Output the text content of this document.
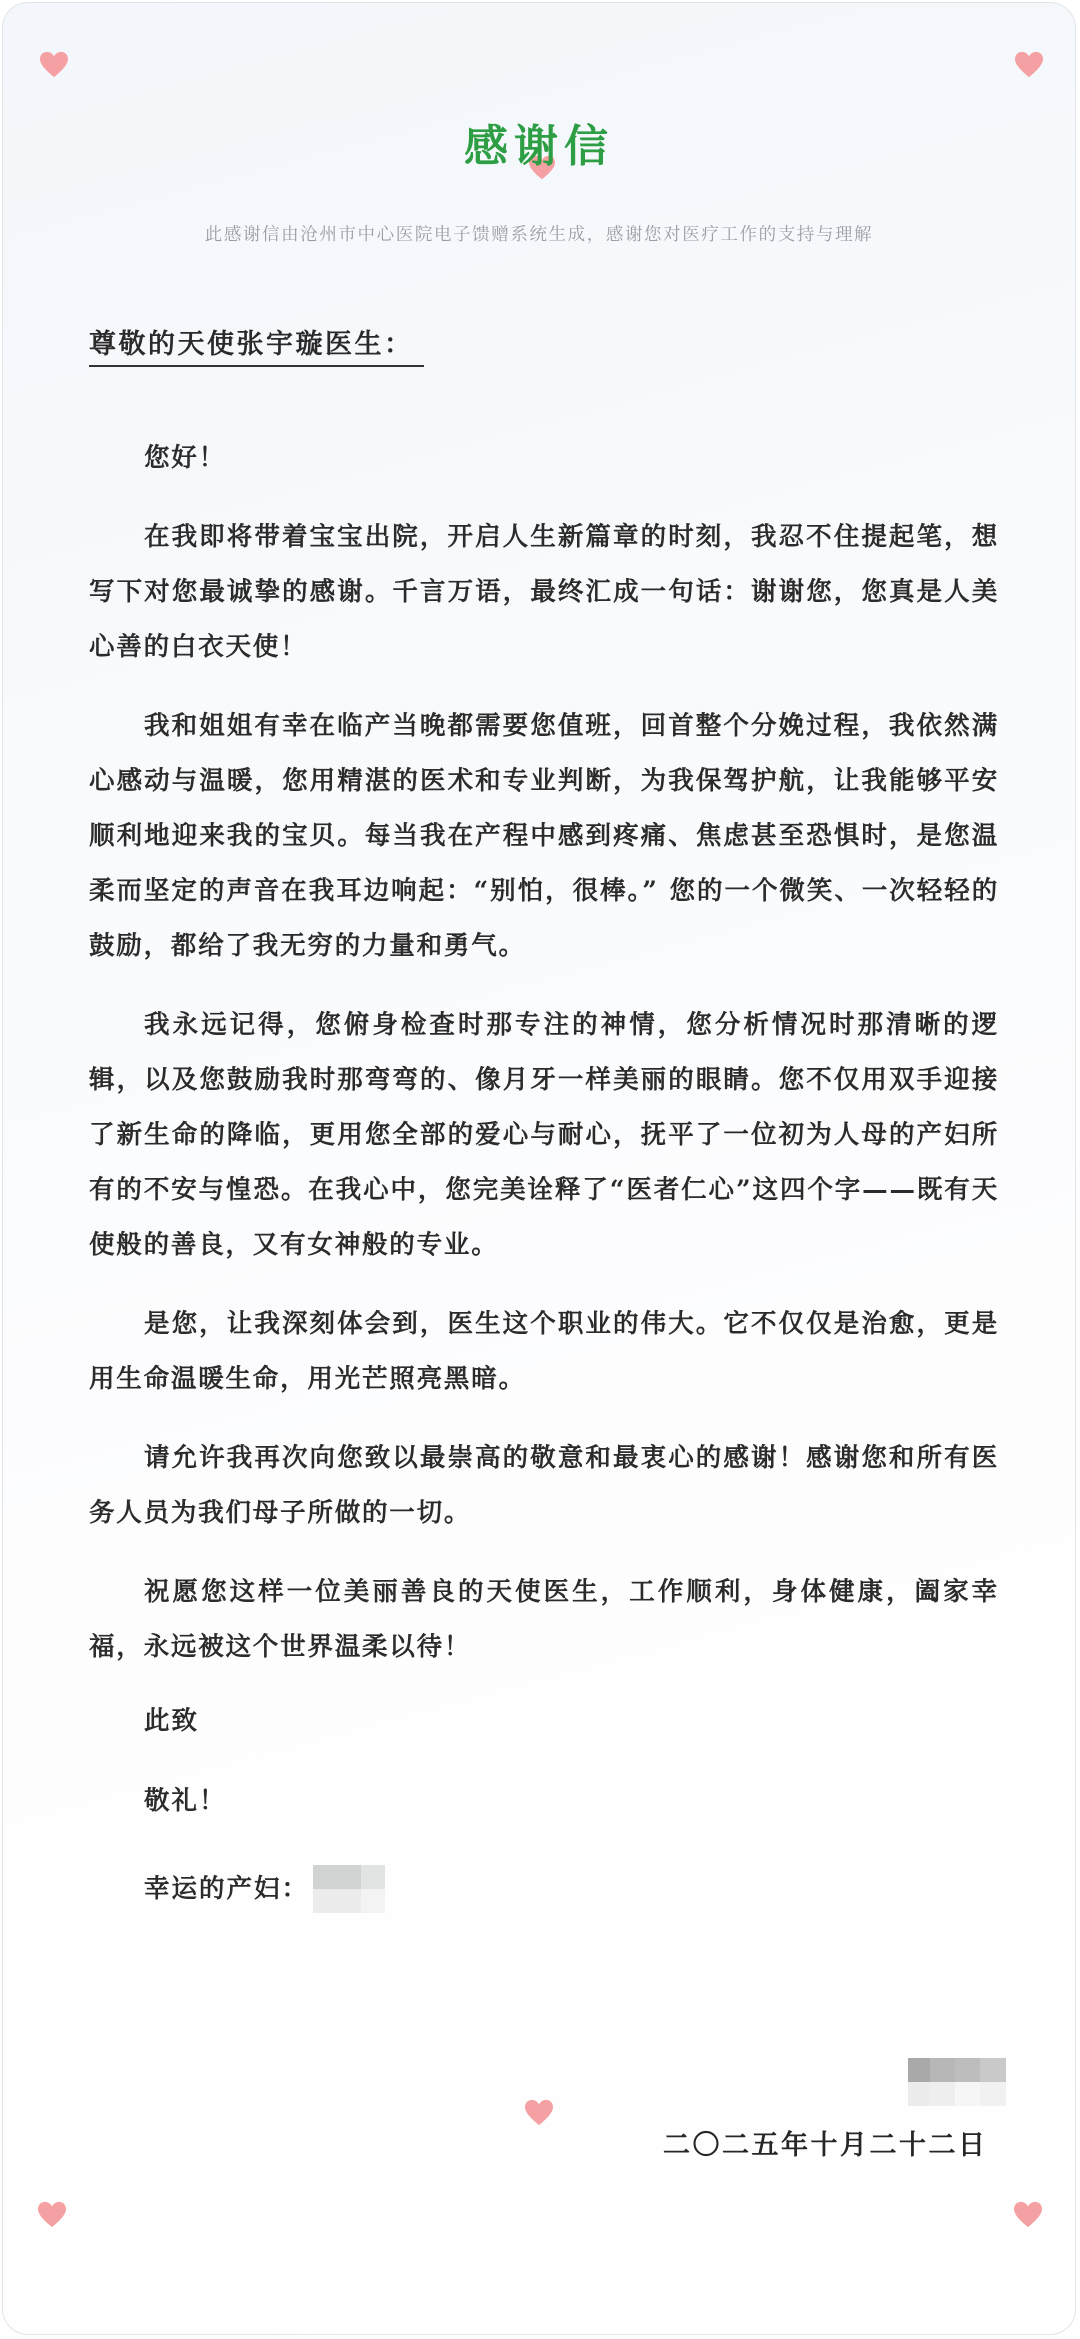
感谢信
此感谢信由沧州市中心医院电子馈赠系统生成，感谢您对医疗工作的支持与理解
尊敬的天使张宇璇医生：

您好！

在我即将带着宝宝出院，开启人生新篇章的时刻，我忍不住提起笔，想写下对您最诚挚的感谢。千言万语，最终汇成一句话：谢谢您，您真是人美心善的白衣天使！

我和姐姐有幸在临产当晚都需要您值班，回首整个分娩过程，我依然满心感动与温暖，您用精湛的医术和专业判断，为我保驾护航，让我能够平安顺利地迎来我的宝贝。每当我在产程中感到疼痛、焦虑甚至恐惧时，是您温柔而坚定的声音在我耳边响起：“别怕，很棒。” 您的一个微笑、一次轻轻的鼓励，都给了我无穷的力量和勇气。

我永远记得，您俯身检查时那专注的神情，您分析情况时那清晰的逻辑，以及您鼓励我时那弯弯的、像月牙一样美丽的眼睛。您不仅用双手迎接了新生命的降临，更用您全部的爱心与耐心，抚平了一位初为人母的产妇所有的不安与惶恐。在我心中，您完美诠释了“医者仁心”这四个字——既有天使般的善良，又有女神般的专业。

是您，让我深刻体会到，医生这个职业的伟大。它不仅仅是治愈，更是用生命温暖生命，用光芒照亮黑暗。

请允许我再次向您致以最崇高的敬意和最衷心的感谢！感谢您和所有医务人员为我们母子所做的一切。

祝愿您这样一位美丽善良的天使医生，工作顺利，身体健康，阖家幸福，永远被这个世界温柔以待！

此致
敬礼！
幸运的产妇：
二〇二五年十月二十二日
